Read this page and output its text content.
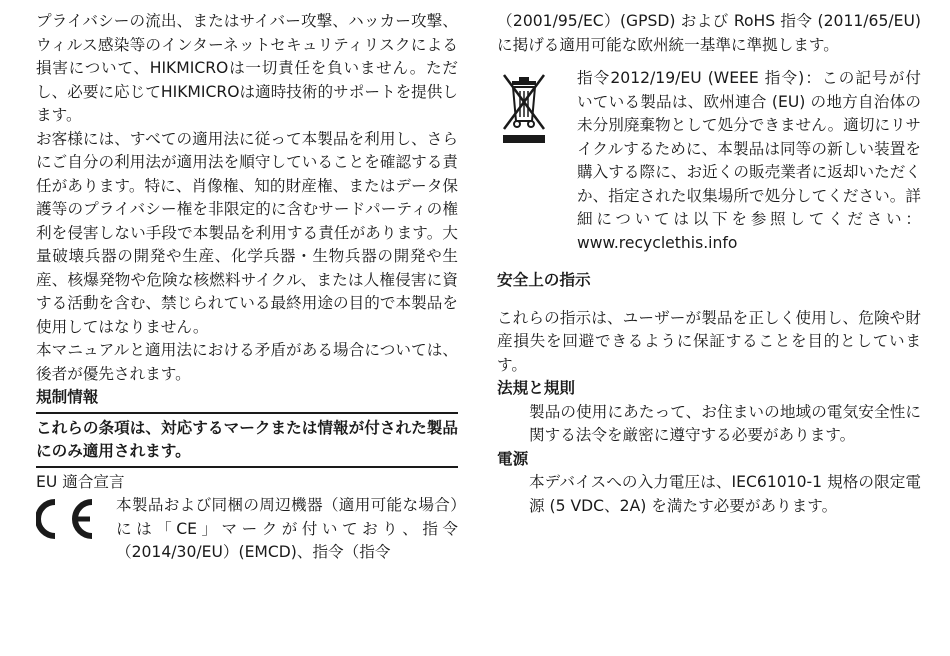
プライバシーの流出、またはサイバー攻撃、ハッカー攻撃、ウィルス感染等のインターネットセキュリティリスクによる損害について、HIKMICROは一切責任を負いません。ただし、必要に応じてHIKMICROは適時技術的サポートを提供します。

お客様には、すべての適用法に従って本製品を利用し、さらにご自分の利用法が適用法を順守していることを確認する責任があります。特に、肖像権、知的財産権、またはデータ保護等のプライバシー権を非限定的に含むサードパーティの権利を侵害しない手段で本製品を利用する責任があります。大量破壊兵器の開発や生産、化学兵器・生物兵器の開発や生産、核爆発物や危険な核燃料サイクル、または人権侵害に資する活動を含む、禁じられている最終用途の目的で本製品を使用してはなりません。

本マニュアルと適用法における矛盾がある場合については、後者が優先されます。

規制情報

これらの条項は、対応するマークまたは情報が付された製品にのみ適用されます。

EU 適合宣言

本製品および同梱の周辺機器（適用可能な場合）には「CE」マークが付いており、指令（2014/30/EU）(EMCD)、指令（指令

（2001/95/EC）(GPSD) および RoHS 指令 (2011/65/EU) に掲げる適用可能な欧州統一基準に準拠します。

指令2012/19/EU (WEEE 指令)：この記号が付いている製品は、欧州連合 (EU) の地方自治体の未分別廃棄物として処分できません。適切にリサイクルするために、本製品は同等の新しい装置を購入する際に、お近くの販売業者に返却いただくか、指定された収集場所で処分してください。詳細については以下を参照してください：www.recyclethis.info

安全上の指示

これらの指示は、ユーザーが製品を正しく使用し、危険や財産損失を回避できるように保証することを目的としています。

法規と規則

製品の使用にあたって、お住まいの地域の電気安全性に関する法令を厳密に遵守する必要があります。

電源

本デバイスへの入力電圧は、IEC61010-1 規格の限定電源 (5 VDC、2A) を満たす必要があります。
